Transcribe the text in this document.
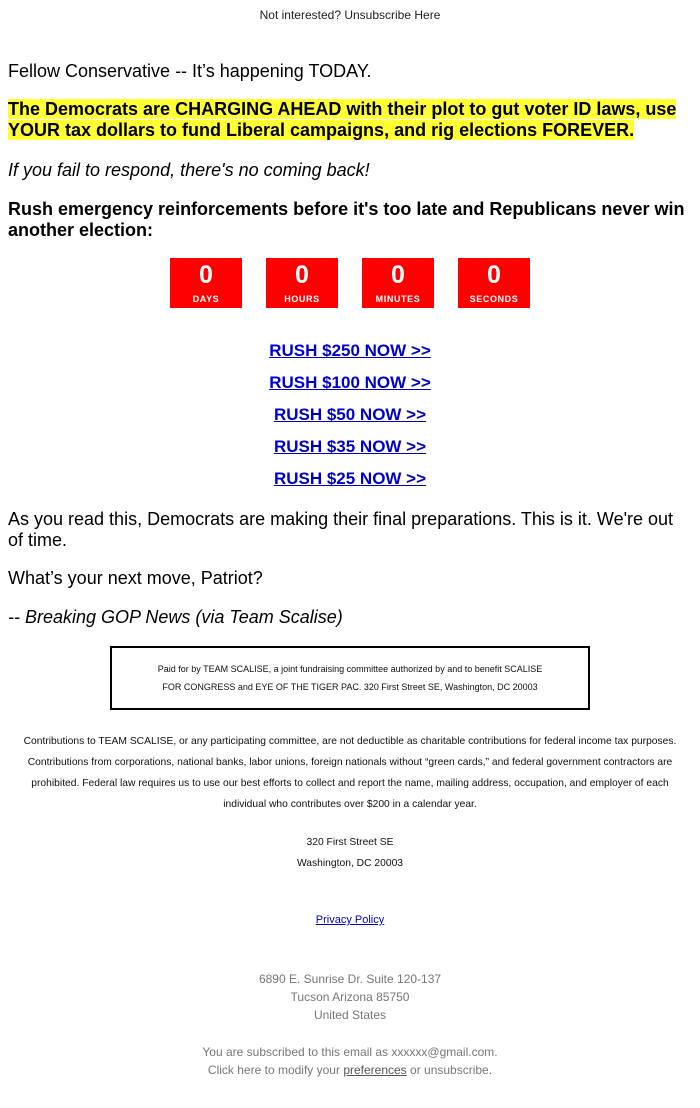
Not interested? Unsubscribe Here

Fellow Conservative -- It’s happening TODAY.

The Democrats are CHARGING AHEAD with their plot to gut voter ID laws, use YOUR tax dollars to fund Liberal campaigns, and rig elections FOREVER.

If you fail to respond, there's no coming back!

Rush emergency reinforcements before it's too late and Republicans never win another election:

As you read this, Democrats are making their final preparations. This is it. We're out of time.

What’s your next move, Patriot?

-- Breaking GOP News (via Team Scalise)

0
DAYS
0
HOURS
0
MINUTES
0
SECONDS
RUSH $250 NOW >>
RUSH $100 NOW >>
RUSH $50 NOW >>
RUSH $35 NOW >>
RUSH $25 NOW >>
Paid for by TEAM SCALISE, a joint fundraising committee authorized by and to benefit SCALISE
FOR CONGRESS and EYE OF THE TIGER PAC. 320 First Street SE, Washington, DC 20003
Contributions to TEAM SCALISE, or any participating committee, are not deductible as charitable contributions for federal income tax purposes. Contributions from corporations, national banks, labor unions, foreign nationals without “green cards,” and federal government contractors are prohibited. Federal law requires us to use our best efforts to collect and report the name, mailing address, occupation, and employer of each individual who contributes over $200 in a calendar year.
320 First Street SE
Washington, DC 20003
Privacy Policy
6890 E. Sunrise Dr. Suite 120-137
Tucson Arizona 85750
United States
You are subscribed to this email as xxxxxx@gmail.com.
Click here to modify your preferences or unsubscribe.
